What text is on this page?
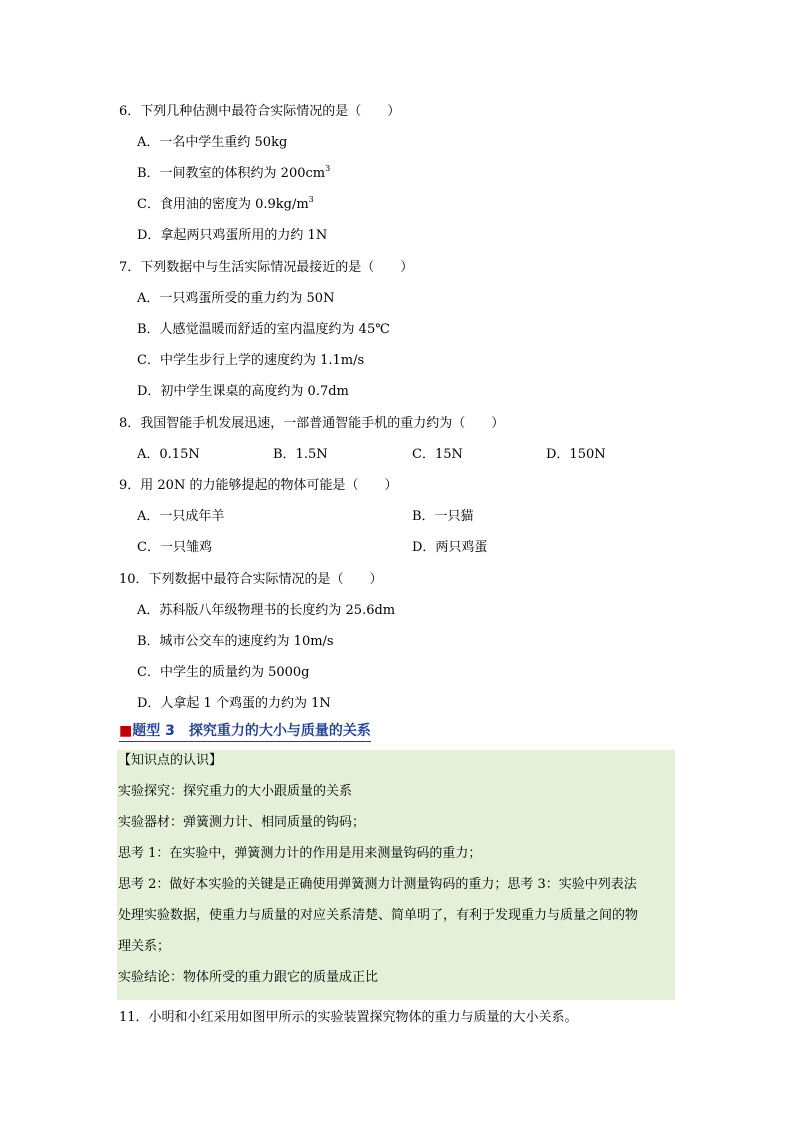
6．下列几种估测中最符合实际情况的是（　　）
A．一名中学生重约 50kg
B．一间教室的体积约为 $200cm^3$
C．食用油的密度为 $0.9kg/m^3$
D．拿起两只鸡蛋所用的力约 1N
7．下列数据中与生活实际情况最接近的是（　　）
A．一只鸡蛋所受的重力约为 50N
B．人感觉温暖而舒适的室内温度约为 45℃
C．中学生步行上学的速度约为 1.1m/s
D．初中学生课桌的高度约为 0.7dm
8．我国智能手机发展迅速，一部普通智能手机的重力约为（　　）
A．0.15N	B．1.5N	C．15N	D．150N
9．用 20N 的力能够提起的物体可能是（　　）
A．一只成年羊	B．一只猫
C．一只雏鸡	D．两只鸡蛋
10．下列数据中最符合实际情况的是（　　）
A．苏科版八年级物理书的长度约为 25.6dm
B．城市公交车的速度约为 10m/s
C．中学生的质量约为 5000g
D．人拿起 1 个鸡蛋的力约为 1N
■题型 3　探究重力的大小与质量的关系
【知识点的认识】
实验探究：探究重力的大小跟质量的关系
实验器材：弹簧测力计、相同质量的钩码；
思考 1：在实验中，弹簧测力计的作用是用来测量钩码的重力；
思考 2：做好本实验的关键是正确使用弹簧测力计测量钩码的重力；思考 3：实验中列表法
处理实验数据，使重力与质量的对应关系清楚、简单明了，有利于发现重力与质量之间的物
理关系；
实验结论：物体所受的重力跟它的质量成正比
11．小明和小红采用如图甲所示的实验装置探究物体的重力与质量的大小关系。
